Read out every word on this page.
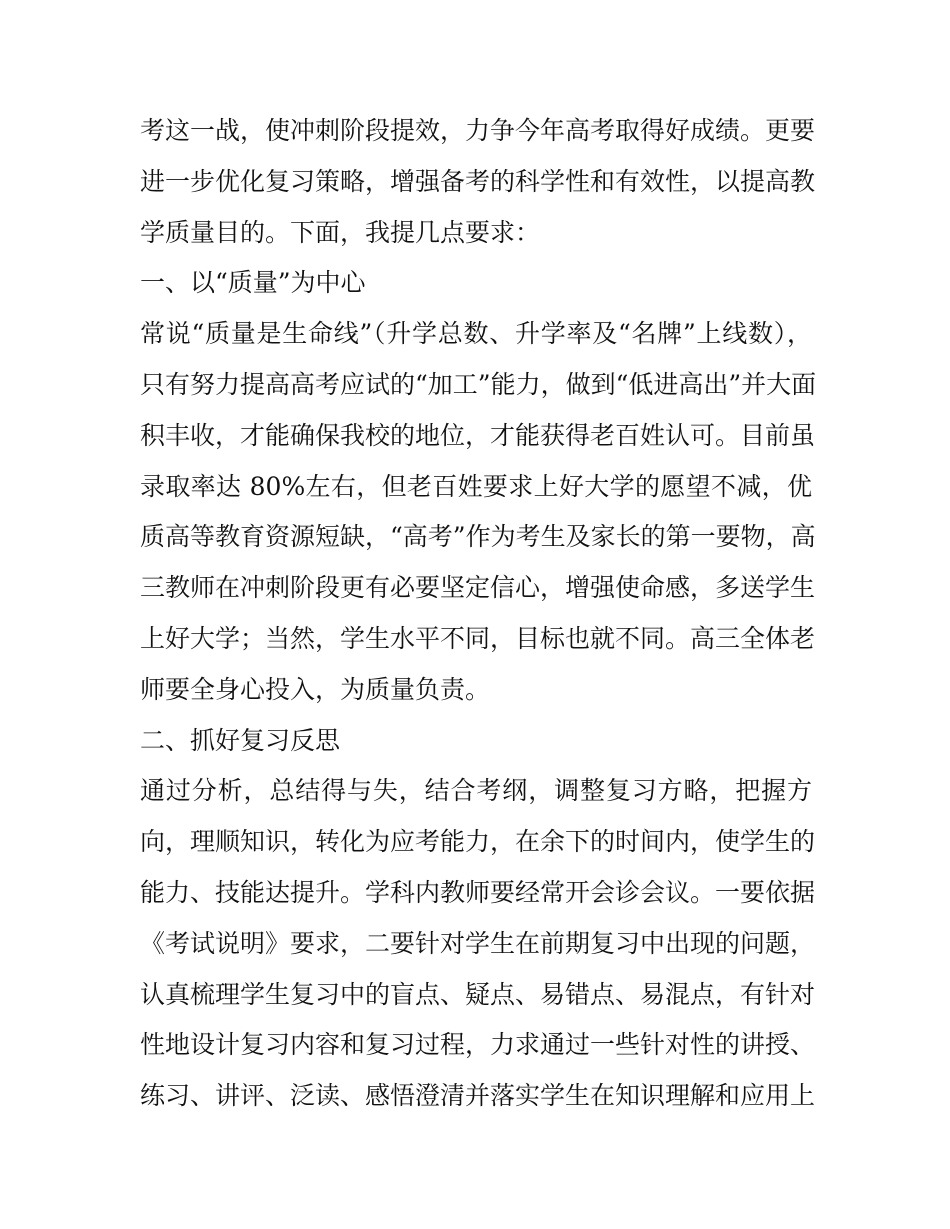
考这一战，使冲刺阶段提效，力争今年高考取得好成绩。更要
进一步优化复习策略，增强备考的科学性和有效性，以提高教
学质量目的。下面，我提几点要求：
一、以“质量”为中心
常说“质量是生命线”（升学总数、升学率及“名牌”上线数），
只有努力提高高考应试的“加工”能力，做到“低进高出”并大面
积丰收，才能确保我校的地位，才能获得老百姓认可。目前虽
录取率达 80%左右，但老百姓要求上好大学的愿望不减，优
质高等教育资源短缺，“高考”作为考生及家长的第一要物，高
三教师在冲刺阶段更有必要坚定信心，增强使命感，多送学生
上好大学；当然，学生水平不同，目标也就不同。高三全体老
师要全身心投入，为质量负责。
二、抓好复习反思
通过分析，总结得与失，结合考纲，调整复习方略，把握方
向，理顺知识，转化为应考能力，在余下的时间内，使学生的
能力、技能达提升。学科内教师要经常开会诊会议。一要依据
《考试说明》要求，二要针对学生在前期复习中出现的问题，
认真梳理学生复习中的盲点、疑点、易错点、易混点，有针对
性地设计复习内容和复习过程，力求通过一些针对性的讲授、
练习、讲评、泛读、感悟澄清并落实学生在知识理解和应用上
